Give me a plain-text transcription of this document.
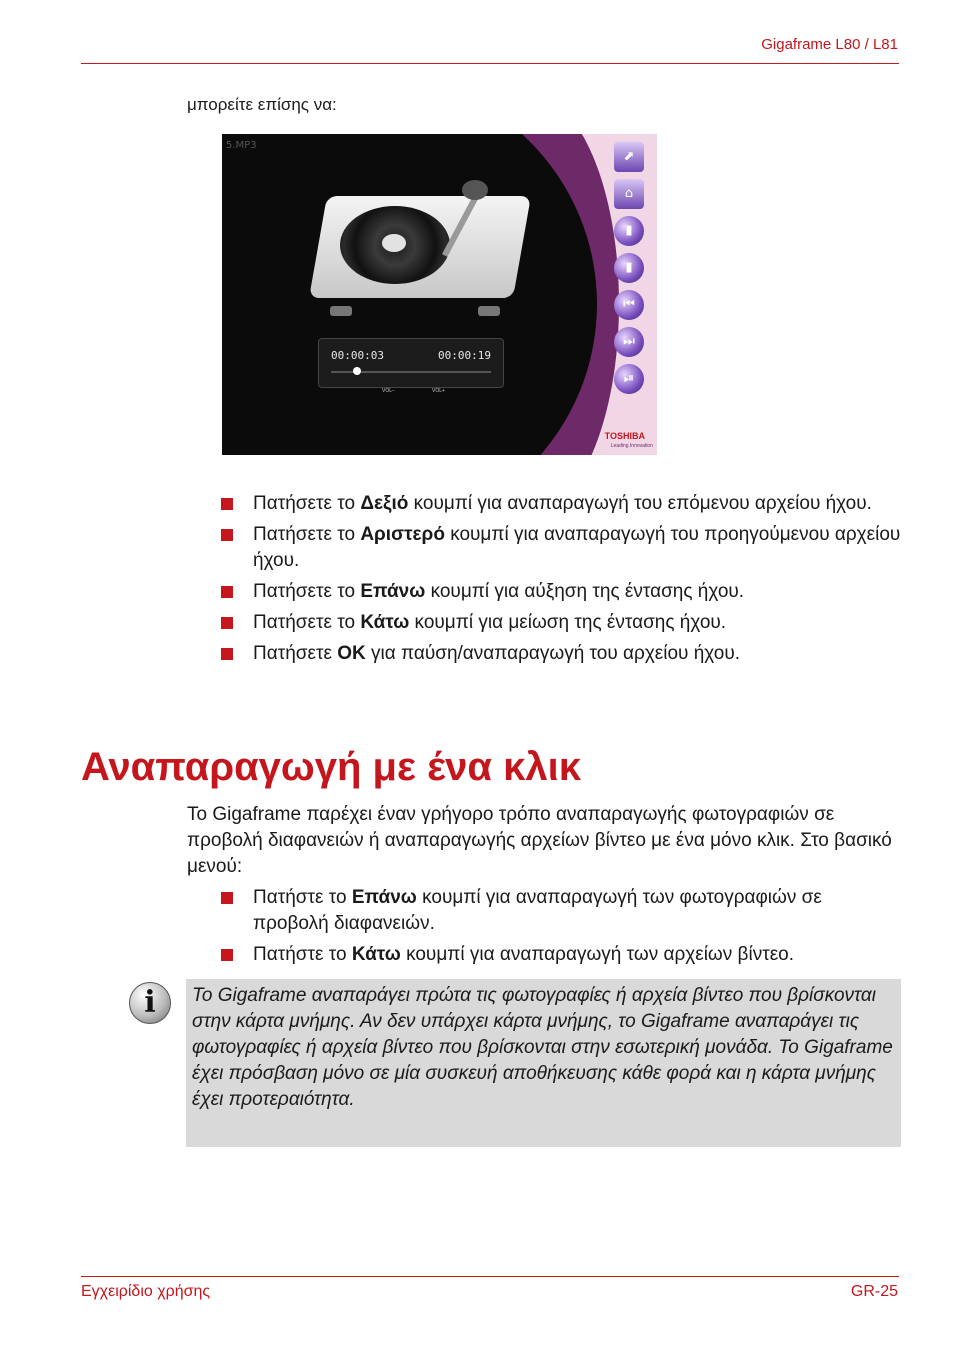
Gigaframe L80 / L81
μπορείτε επίσης να:
5.MP3
00:00:03	00:00:19
VOL−	VOL+
⬈
⌂
▮
▮
⏮
⏭
⏯
TOSHIBA
Leading Innovation
Πατήσετε το Δεξιό κουμπί για αναπαραγωγή του επόμενου αρχείου ήχου.
Πατήσετε το Αριστερό κουμπί για αναπαραγωγή του προηγούμενου αρχείου ήχου.
Πατήσετε το Επάνω κουμπί για αύξηση της έντασης ήχου.
Πατήσετε το Κάτω κουμπί για μείωση της έντασης ήχου.
Πατήσετε OK για παύση/αναπαραγωγή του αρχείου ήχου.
Αναπαραγωγή με ένα κλικ

Το Gigaframe παρέχει έναν γρήγορο τρόπο αναπαραγωγής φωτογραφιών σε προβολή διαφανειών ή αναπαραγωγής αρχείων βίντεο με ένα μόνο κλικ. Στο βασικό μενού:

Πατήστε το Επάνω κουμπί για αναπαραγωγή των φωτογραφιών σε προβολή διαφανειών.
Πατήστε το Κάτω κουμπί για αναπαραγωγή των αρχείων βίντεο.
i	Το Gigaframe αναπαράγει πρώτα τις φωτογραφίες ή αρχεία βίντεο που βρίσκονται στην κάρτα μνήμης. Αν δεν υπάρχει κάρτα μνήμης, το Gigaframe αναπαράγει τις φωτογραφίες ή αρχεία βίντεο που βρίσκονται στην εσωτερική μονάδα. Το Gigaframe έχει πρόσβαση μόνο σε μία συσκευή αποθήκευσης κάθε φορά και η κάρτα μνήμης έχει προτεραιότητα.

Εγχειρίδιο χρήσης	GR-25
